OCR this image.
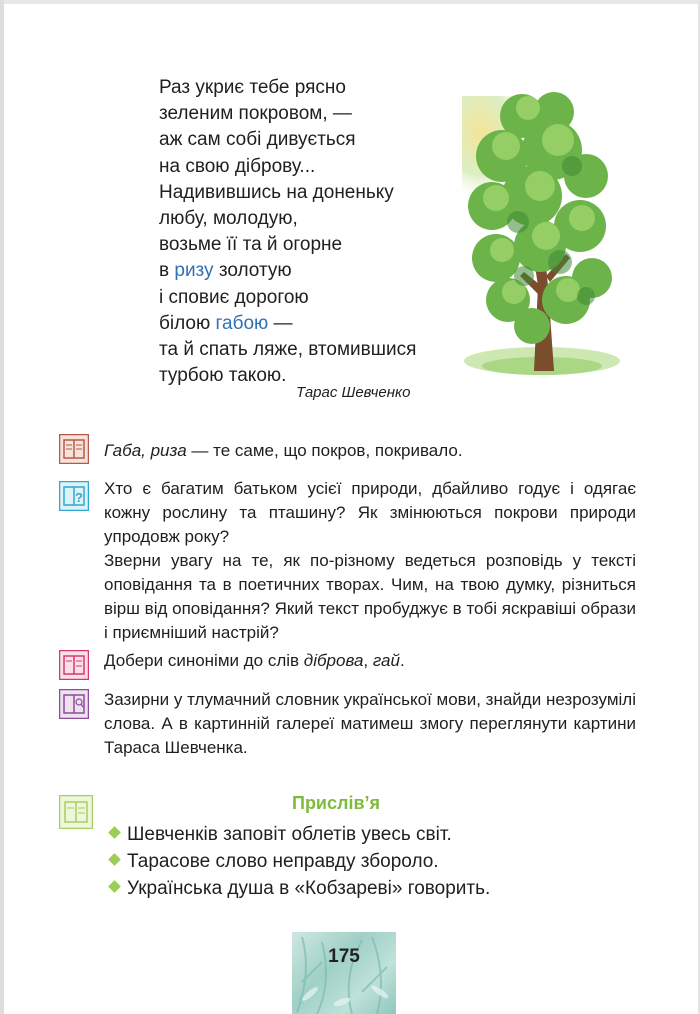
Раз укриє тебе рясно
зеленим покровом, —
аж сам собі дивується
на свою діброву...
Надивившись на доненьку
любу, молодую,
возьме її та й огорне
в ризу золотую
і сповиє дорогою
білою габою —
та й спать ляже, втомившися
турбою такою.
Тарас Шевченко
Габа, риза — те саме, що покров, покривало.
? Хто є багатим батьком усієї природи, дбайливо годує і одягає кожну рослину та пташину? Як змінюються покрови природи упродовж року?
Зверни увагу на те, як по-різному ведеться розповідь у тексті оповідання та в поетичних творах. Чим, на твою думку, різниться вірш від оповідання? Який текст пробуджує в тобі яскравіші образи і приємніший настрій?
Добери синоніми до слів діброва, гай.
Зазирни у тлумачний словник української мови, знайди незрозумілі слова. А в картинній галереї матимеш змогу переглянути картини Тараса Шевченка.
Прислів’я
Шевченків заповіт облетів увесь світ.
Тарасове слово неправду збороло.
Українська душа в «Кобзареві» говорить.
175
